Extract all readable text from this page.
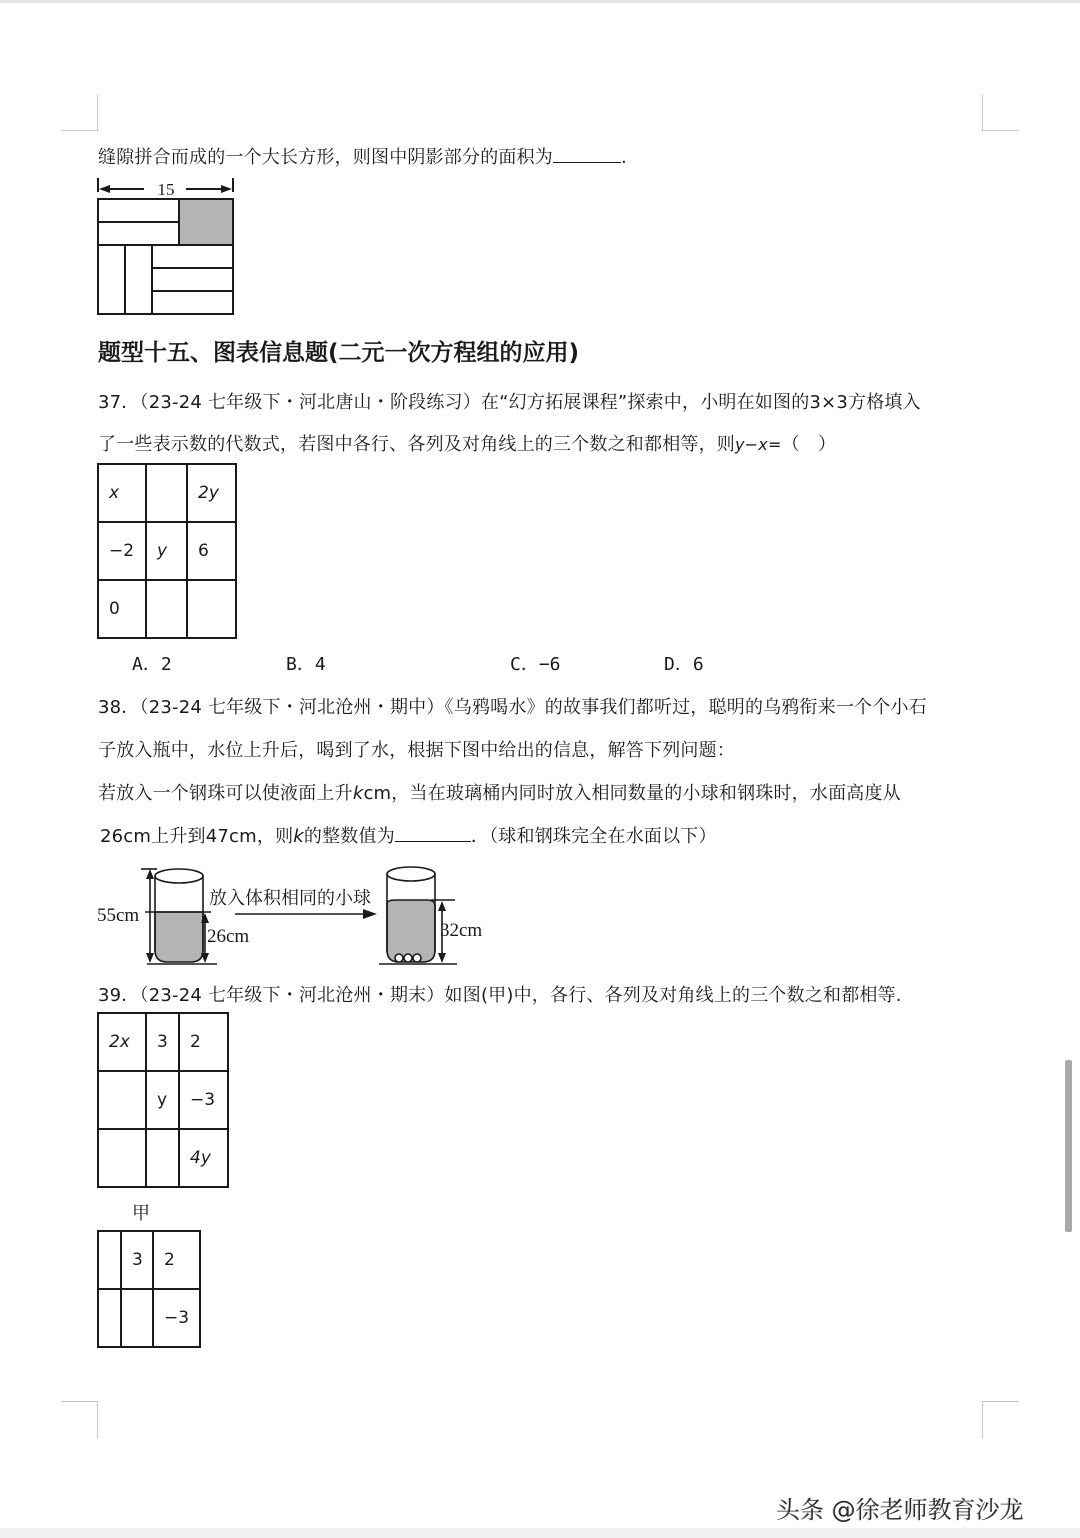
缝隙拼合而成的一个大长方形，则图中阴影部分的面积为	.
15
题型十五、图表信息题(二元一次方程组的应用)
37．（23-24 七年级下・河北唐山・阶段练习）在“幻方拓展课程”探索中，小明在如图的3×3方格填入
了一些表示数的代数式，若图中各行、各列及对角线上的三个数之和都相等，则y−x=（　）
x		2y
−2	y	6
0		
A．2	B．4	C．−6	D．6
38．（23-24 七年级下・河北沧州・期中）《乌鸦喝水》的故事我们都听过，聪明的乌鸦衔来一个个小石
子放入瓶中，水位上升后，喝到了水，根据下图中给出的信息，解答下列问题：
若放入一个钢珠可以使液面上升kcm，当在玻璃桶内同时放入相同数量的小球和钢珠时，水面高度从
26cm上升到47cm，则k的整数值为	．（球和钢珠完全在水面以下）
55cm
26cm
放入体积相同的小球
32cm
39．（23-24 七年级下・河北沧州・期末）如图(甲)中，各行、各列及对角线上的三个数之和都相等.
2x	3	2
	y	−3
		4y
甲
	3	2
		−3
头条 @徐老师教育沙龙
